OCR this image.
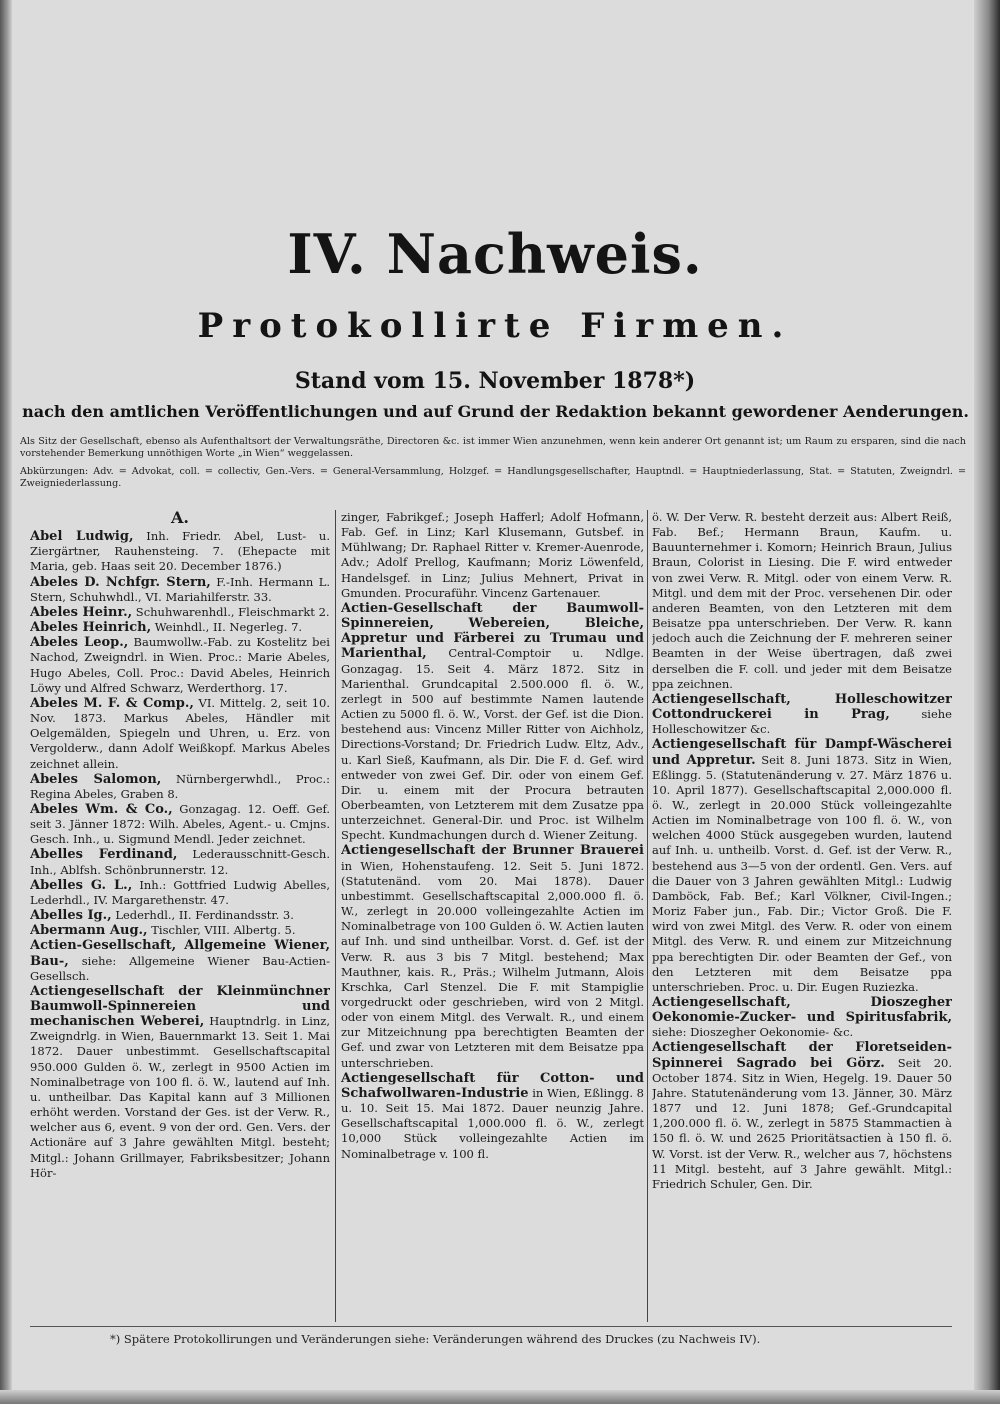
IV. Nachweis.
Protokollirte Firmen.
Stand vom 15. November 1878*)
nach den amtlichen Veröffentlichungen und auf Grund der Redaktion bekannt gewordener Aenderungen.
Als Sitz der Gesellschaft, ebenso als Aufenthaltsort der Verwaltungsräthe, Directoren &c. ist immer Wien anzunehmen, wenn kein anderer Ort genannt ist; um Raum zu ersparen, sind die nach vorstehender Bemerkung unnöthigen Worte „in Wien“ weggelassen.
Abkürzungen: Adv. = Advokat, coll. = collectiv, Gen.-Vers. = General-Versammlung, Holzgef. = Handlungsgesellschafter, Hauptndl. = Hauptniederlassung, Stat. = Statuten, Zweigndrl. = Zweigniederlassung.
A.
Abel Ludwig, Inh. Friedr. Abel, Lust- u. Ziergärtner, Rauhensteing. 7. (Ehepacte mit Maria, geb. Haas seit 20. December 1876.)
Abeles D. Nchfgr. Stern, F.-Inh. Hermann L. Stern, Schuhwhdl., VI. Mariahilferstr. 33.
Abeles Heinr., Schuhwarenhdl., Fleischmarkt 2.
Abeles Heinrich, Weinhdl., II. Negerleg. 7.
Abeles Leop., Baumwollw.-Fab. zu Kostelitz bei Nachod, Zweigndrl. in Wien. Proc.: Marie Abeles, Hugo Abeles, Coll. Proc.: David Abeles, Heinrich Löwy und Alfred Schwarz, Werderthorg. 17.
Abeles M. F. & Comp., VI. Mittelg. 2, seit 10. Nov. 1873. Markus Abeles, Händler mit Oelgemälden, Spiegeln und Uhren, u. Erz. von Vergolderw., dann Adolf Weißkopf. Markus Abeles zeichnet allein.
Abeles Salomon, Nürnbergerwhdl., Proc.: Regina Abeles, Graben 8.
Abeles Wm. & Co., Gonzagag. 12. Oeff. Gef. seit 3. Jänner 1872: Wilh. Abeles, Agent.- u. Cmjns. Gesch. Inh., u. Sigmund Mendl. Jeder zeichnet.
Abelles Ferdinand, Lederausschnitt-Gesch. Inh., Ablfsh. Schönbrunnerstr. 12.
Abelles G. L., Inh.: Gottfried Ludwig Abelles, Lederhdl., IV. Margarethenstr. 47.
Abelles Ig., Lederhdl., II. Ferdinandsstr. 3.
Abermann Aug., Tischler, VIII. Albertg. 5.
Actien-Gesellschaft, Allgemeine Wiener, Bau-, siehe: Allgemeine Wiener Bau-Actien-Gesellsch.
Actiengesellschaft der Kleinmünchner Baumwoll-Spinnereien und mechanischen Weberei, Hauptndrlg. in Linz, Zweigndrlg. in Wien, Bauernmarkt 13. Seit 1. Mai 1872. Dauer unbestimmt. Gesellschaftscapital 950.000 Gulden ö. W., zerlegt in 9500 Actien im Nominalbetrage von 100 fl. ö. W., lautend auf Inh. u. untheilbar. Das Kapital kann auf 3 Millionen erhöht werden. Vorstand der Ges. ist der Verw. R., welcher aus 6, event. 9 von der ord. Gen. Vers. der Actionäre auf 3 Jahre gewählten Mitgl. besteht; Mitgl.: Johann Grillmayer, Fabriksbesitzer; Johann Hör-
zinger, Fabrikgef.; Joseph Hafferl; Adolf Hofmann, Fab. Gef. in Linz; Karl Klusemann, Gutsbef. in Mühlwang; Dr. Raphael Ritter v. Kremer-Auenrode, Adv.; Adolf Prellog, Kaufmann; Moriz Löwenfeld, Handelsgef. in Linz; Julius Mehnert, Privat in Gmunden. Procuraführ. Vincenz Gartenauer.
Actien-Gesellschaft der Baumwoll-Spinnereien, Webereien, Bleiche, Appretur und Färberei zu Trumau und Marienthal, Central-Comptoir u. Ndlge. Gonzagag. 15. Seit 4. März 1872. Sitz in Marienthal. Grundcapital 2.500.000 fl. ö. W., zerlegt in 500 auf bestimmte Namen lautende Actien zu 5000 fl. ö. W., Vorst. der Gef. ist die Dion. bestehend aus: Vincenz Miller Ritter von Aichholz, Directions-Vorstand; Dr. Friedrich Ludw. Eltz, Adv., u. Karl Sieß, Kaufmann, als Dir. Die F. d. Gef. wird entweder von zwei Gef. Dir. oder von einem Gef. Dir. u. einem mit der Procura betrauten Oberbeamten, von Letzterem mit dem Zusatze ppa unterzeichnet. General-Dir. und Proc. ist Wilhelm Specht. Kundmachungen durch d. Wiener Zeitung.
Actiengesellschaft der Brunner Brauerei in Wien, Hohenstaufeng. 12. Seit 5. Juni 1872. (Statutenänd. vom 20. Mai 1878). Dauer unbestimmt. Gesellschaftscapital 2,000.000 fl. ö. W., zerlegt in 20.000 volleingezahlte Actien im Nominalbetrage von 100 Gulden ö. W. Actien lauten auf Inh. und sind untheilbar. Vorst. d. Gef. ist der Verw. R. aus 3 bis 7 Mitgl. bestehend; Max Mauthner, kais. R., Präs.; Wilhelm Jutmann, Alois Krschka, Carl Stenzel. Die F. mit Stampiglie vorgedruckt oder geschrieben, wird von 2 Mitgl. oder von einem Mitgl. des Verwalt. R., und einem zur Mitzeichnung ppa berechtigten Beamten der Gef. und zwar von Letzteren mit dem Beisatze ppa unterschrieben.
Actiengesellschaft für Cotton- und Schafwollwaren-Industrie in Wien, Eßlingg. 8 u. 10. Seit 15. Mai 1872. Dauer neunzig Jahre. Gesellschaftscapital 1,000.000 fl. ö. W., zerlegt 10,000 Stück volleingezahlte Actien im Nominalbetrage v. 100 fl.
ö. W. Der Verw. R. besteht derzeit aus: Albert Reiß, Fab. Bef.; Hermann Braun, Kaufm. u. Bauunternehmer i. Komorn; Heinrich Braun, Julius Braun, Colorist in Liesing. Die F. wird entweder von zwei Verw. R. Mitgl. oder von einem Verw. R. Mitgl. und dem mit der Proc. versehenen Dir. oder anderen Beamten, von den Letzteren mit dem Beisatze ppa unterschrieben. Der Verw. R. kann jedoch auch die Zeichnung der F. mehreren seiner Beamten in der Weise übertragen, daß zwei derselben die F. coll. und jeder mit dem Beisatze ppa zeichnen.
Actiengesellschaft, Holleschowitzer Cottondruckerei in Prag, siehe Holleschowitzer &c.
Actiengesellschaft für Dampf-Wäscherei und Appretur. Seit 8. Juni 1873. Sitz in Wien, Eßlingg. 5. (Statutenänderung v. 27. März 1876 u. 10. April 1877). Gesellschaftscapital 2,000.000 fl. ö. W., zerlegt in 20.000 Stück volleingezahlte Actien im Nominalbetrage von 100 fl. ö. W., von welchen 4000 Stück ausgegeben wurden, lautend auf Inh. u. untheilb. Vorst. d. Gef. ist der Verw. R., bestehend aus 3—5 von der ordentl. Gen. Vers. auf die Dauer von 3 Jahren gewählten Mitgl.: Ludwig Damböck, Fab. Bef.; Karl Völkner, Civil-Ingen.; Moriz Faber jun., Fab. Dir.; Victor Groß. Die F. wird von zwei Mitgl. des Verw. R. oder von einem Mitgl. des Verw. R. und einem zur Mitzeichnung ppa berechtigten Dir. oder Beamten der Gef., von den Letzteren mit dem Beisatze ppa unterschrieben. Proc. u. Dir. Eugen Ruziezka.
Actiengesellschaft, Dioszegher Oekonomie-Zucker- und Spiritusfabrik, siehe: Dioszegher Oekonomie- &c.
Actiengesellschaft der Floretseiden-Spinnerei Sagrado bei Görz. Seit 20. October 1874. Sitz in Wien, Hegelg. 19. Dauer 50 Jahre. Statutenänderung vom 13. Jänner, 30. März 1877 und 12. Juni 1878; Gef.-Grundcapital 1,200.000 fl. ö. W., zerlegt in 5875 Stammactien à 150 fl. ö. W. und 2625 Prioritätsactien à 150 fl. ö. W. Vorst. ist der Verw. R., welcher aus 7, höchstens 11 Mitgl. besteht, auf 3 Jahre gewählt. Mitgl.: Friedrich Schuler, Gen. Dir.
*) Spätere Protokollirungen und Veränderungen siehe: Veränderungen während des Druckes (zu Nachweis IV).
